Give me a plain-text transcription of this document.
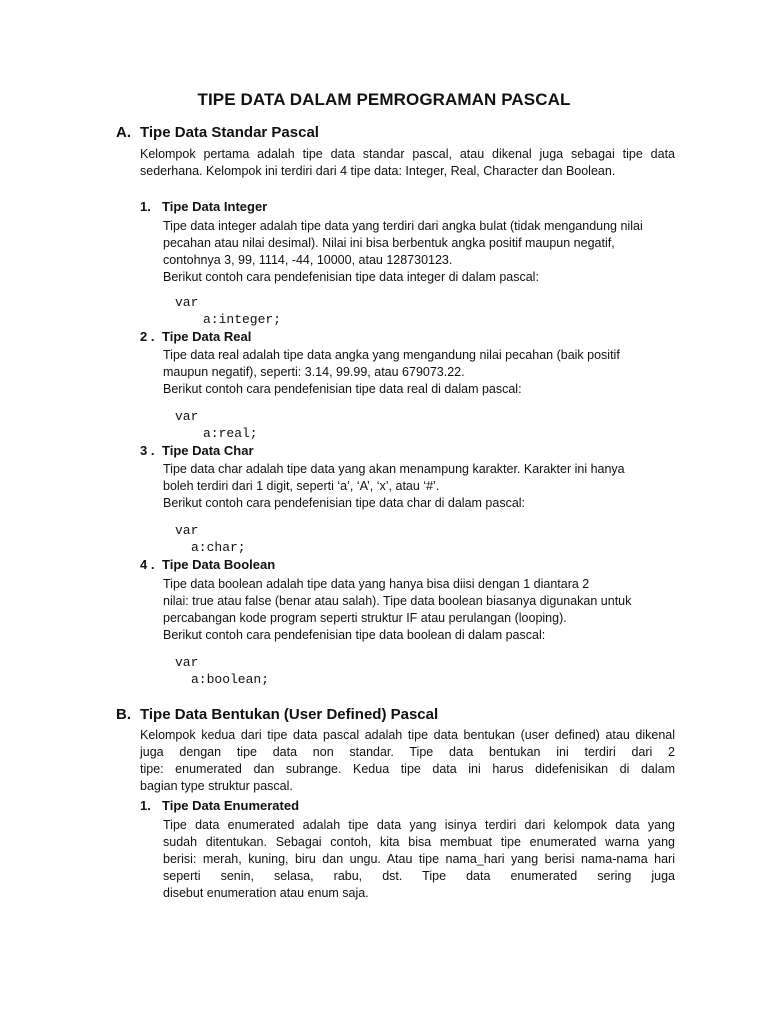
TIPE DATA DALAM PEMROGRAMAN PASCAL
A. Tipe Data Standar Pascal
Kelompok pertama adalah tipe data standar pascal, atau dikenal juga sebagai tipe data
sederhana. Kelompok ini terdiri dari 4 tipe data: Integer, Real, Character dan Boolean.
1. Tipe Data Integer
Tipe data integer adalah tipe data yang terdiri dari angka bulat (tidak mengandung nilai
pecahan atau nilai desimal). Nilai ini bisa berbentuk angka positif maupun negatif,
contohnya 3, 99, 1114, -44, 10000, atau 128730123.
Berikut contoh cara pendefenisian tipe data integer di dalam pascal:
var
a:integer;
2 . Tipe Data Real
Tipe data real adalah tipe data angka yang mengandung nilai pecahan (baik positif
maupun negatif), seperti: 3.14, 99.99, atau 679073.22.
Berikut contoh cara pendefenisian tipe data real di dalam pascal:
var
a:real;
3 . Tipe Data Char
Tipe data char adalah tipe data yang akan menampung karakter. Karakter ini hanya
boleh terdiri dari 1 digit, seperti ‘a’, ‘A’, ‘x’, atau ‘#’.
Berikut contoh cara pendefenisian tipe data char di dalam pascal:
var
a:char;
4 . Tipe Data Boolean
Tipe data boolean adalah tipe data yang hanya bisa diisi dengan 1 diantara 2
nilai: true atau false (benar atau salah). Tipe data boolean biasanya digunakan untuk
percabangan kode program seperti struktur IF atau perulangan (looping).
Berikut contoh cara pendefenisian tipe data boolean di dalam pascal:
var
a:boolean;
B. Tipe Data Bentukan (User Defined) Pascal
Kelompok kedua dari tipe data pascal adalah tipe data bentukan (user defined) atau dikenal
juga dengan tipe data non standar. Tipe data bentukan ini terdiri dari 2
tipe: enumerated dan subrange. Kedua tipe data ini harus didefenisikan di dalam
bagian type struktur pascal.
1. Tipe Data Enumerated
Tipe data enumerated adalah tipe data yang isinya terdiri dari kelompok data yang
sudah ditentukan. Sebagai contoh, kita bisa membuat tipe enumerated warna yang
berisi: merah, kuning, biru dan ungu. Atau tipe nama_hari yang berisi nama-nama hari
seperti senin, selasa, rabu, dst. Tipe data enumerated sering juga
disebut enumeration atau enum saja.
